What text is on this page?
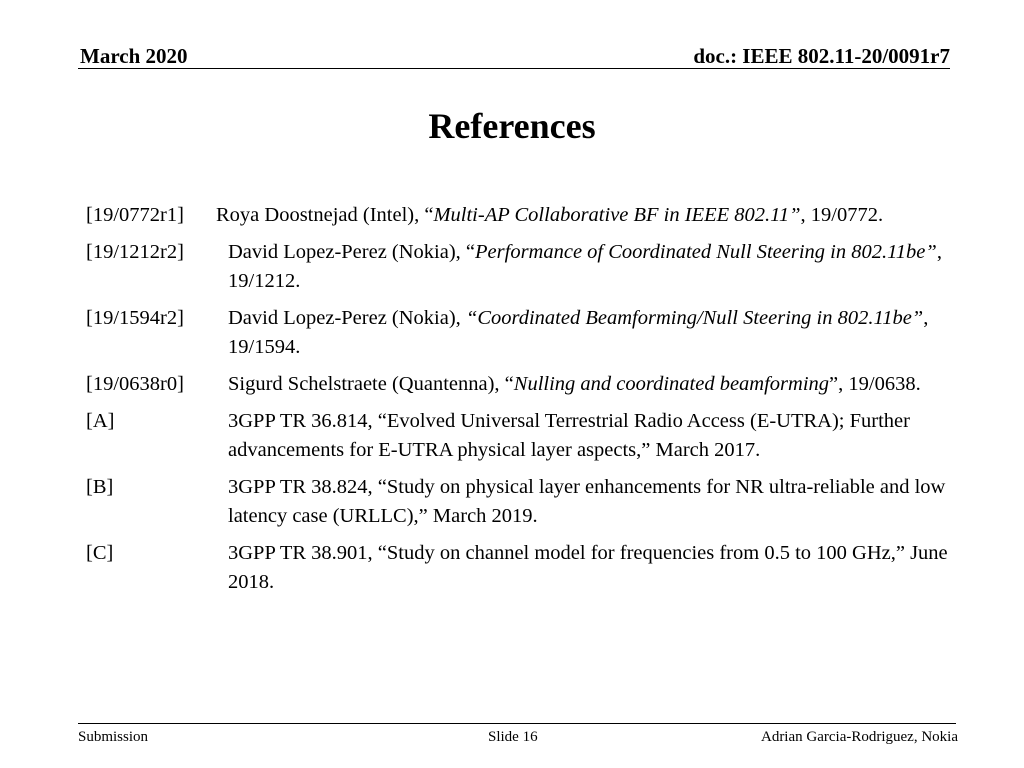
March 2020	doc.: IEEE 802.11-20/0091r7
References
[19/0772r1] Roya Doostnejad (Intel), “Multi-AP Collaborative BF in IEEE 802.11”, 19/0772.
[19/1212r2] David Lopez-Perez (Nokia), “Performance of Coordinated Null Steering in 802.11be”, 19/1212.
[19/1594r2] David Lopez-Perez (Nokia), “Coordinated Beamforming/Null Steering in 802.11be”, 19/1594.
[19/0638r0] Sigurd Schelstraete (Quantenna), “Nulling and coordinated beamforming”, 19/0638.
[A]	3GPP TR 36.814, “Evolved Universal Terrestrial Radio Access (E-UTRA); Further advancements for E-UTRA physical layer aspects,” March 2017.
[B]	3GPP TR 38.824, “Study on physical layer enhancements for NR ultra-reliable and low latency case (URLLC),” March 2019.
[C]	3GPP TR 38.901, “Study on channel model for frequencies from 0.5 to 100 GHz,” June 2018.
Submission	Slide 16	Adrian Garcia-Rodriguez, Nokia
